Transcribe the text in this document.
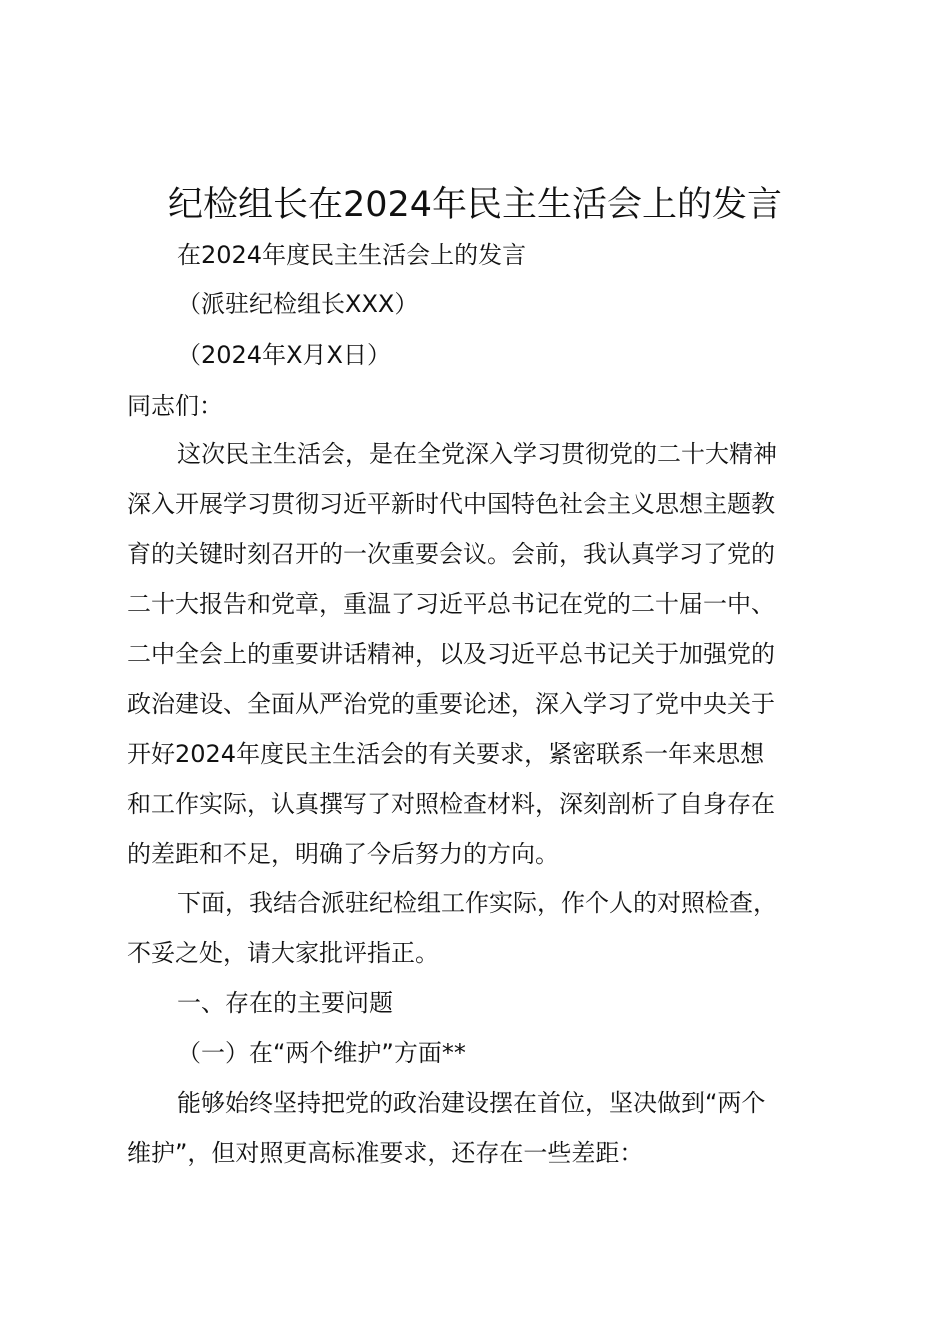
纪检组长在2024年民主生活会上的发言
在2024年度民主生活会上的发言
（派驻纪检组长XXX）
（2024年X月X日）
同志们：
这次民主生活会，是在全党深入学习贯彻党的二十大精神
深入开展学习贯彻习近平新时代中国特色社会主义思想主题教
育的关键时刻召开的一次重要会议。会前，我认真学习了党的
二十大报告和党章，重温了习近平总书记在党的二十届一中、
二中全会上的重要讲话精神，以及习近平总书记关于加强党的
政治建设、全面从严治党的重要论述，深入学习了党中央关于
开好2024年度民主生活会的有关要求，紧密联系一年来思想
和工作实际，认真撰写了对照检查材料，深刻剖析了自身存在
的差距和不足，明确了今后努力的方向。
下面，我结合派驻纪检组工作实际，作个人的对照检查，
不妥之处，请大家批评指正。
一、存在的主要问题
（一）在“两个维护”方面**
能够始终坚持把党的政治建设摆在首位，坚决做到“两个
维护”，但对照更高标准要求，还存在一些差距：
